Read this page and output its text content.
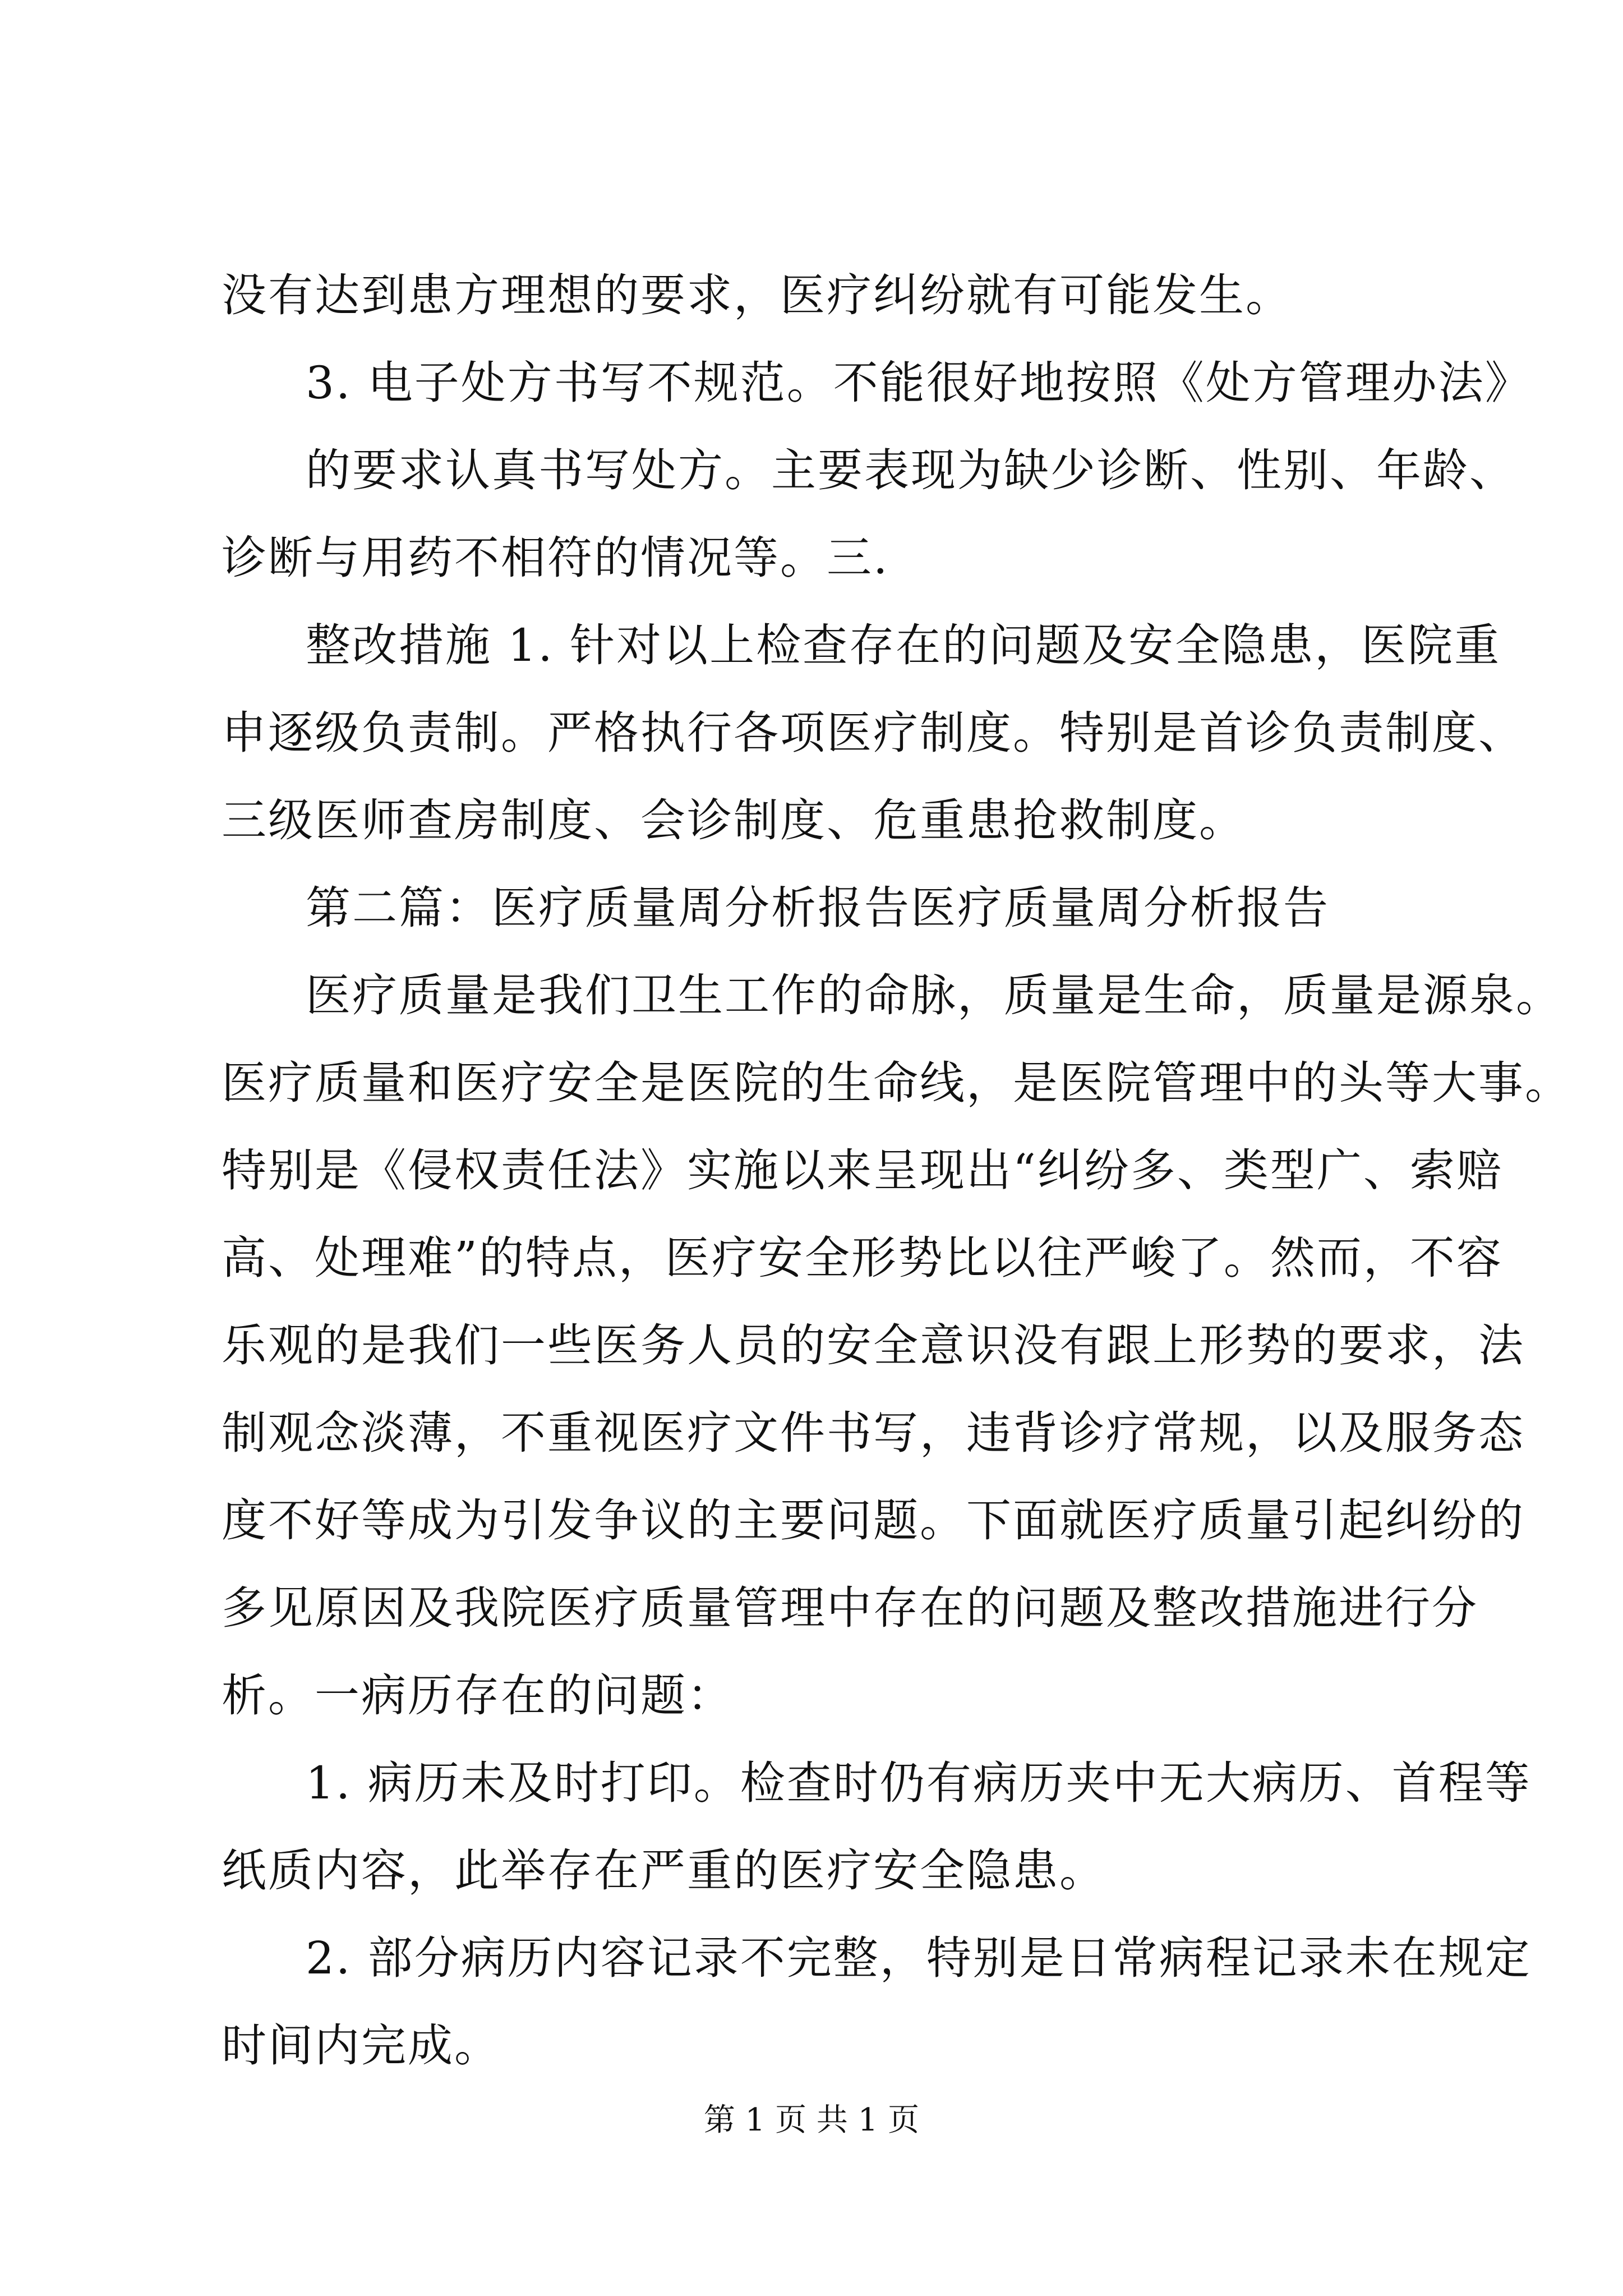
没有达到患方理想的要求，医疗纠纷就有可能发生。
3. 电子处方书写不规范。不能很好地按照《处方管理办法》
的要求认真书写处方。主要表现为缺少诊断、性别、年龄、
诊断与用药不相符的情况等。三.
整改措施 1. 针对以上检查存在的问题及安全隐患，医院重
申逐级负责制。严格执行各项医疗制度。特别是首诊负责制度、
三级医师查房制度、会诊制度、危重患抢救制度。
第二篇：医疗质量周分析报告医疗质量周分析报告
医疗质量是我们卫生工作的命脉，质量是生命，质量是源泉。
医疗质量和医疗安全是医院的生命线，是医院管理中的头等大事。
特别是《侵权责任法》实施以来呈现出“纠纷多、类型广、索赔
高、处理难”的特点，医疗安全形势比以往严峻了。然而，不容
乐观的是我们一些医务人员的安全意识没有跟上形势的要求，法
制观念淡薄，不重视医疗文件书写，违背诊疗常规，以及服务态
度不好等成为引发争议的主要问题。下面就医疗质量引起纠纷的
多见原因及我院医疗质量管理中存在的问题及整改措施进行分
析。一病历存在的问题：
1. 病历未及时打印。检查时仍有病历夹中无大病历、首程等
纸质内容，此举存在严重的医疗安全隐患。
2. 部分病历内容记录不完整，特别是日常病程记录未在规定
时间内完成。
第 1 页 共 1 页
